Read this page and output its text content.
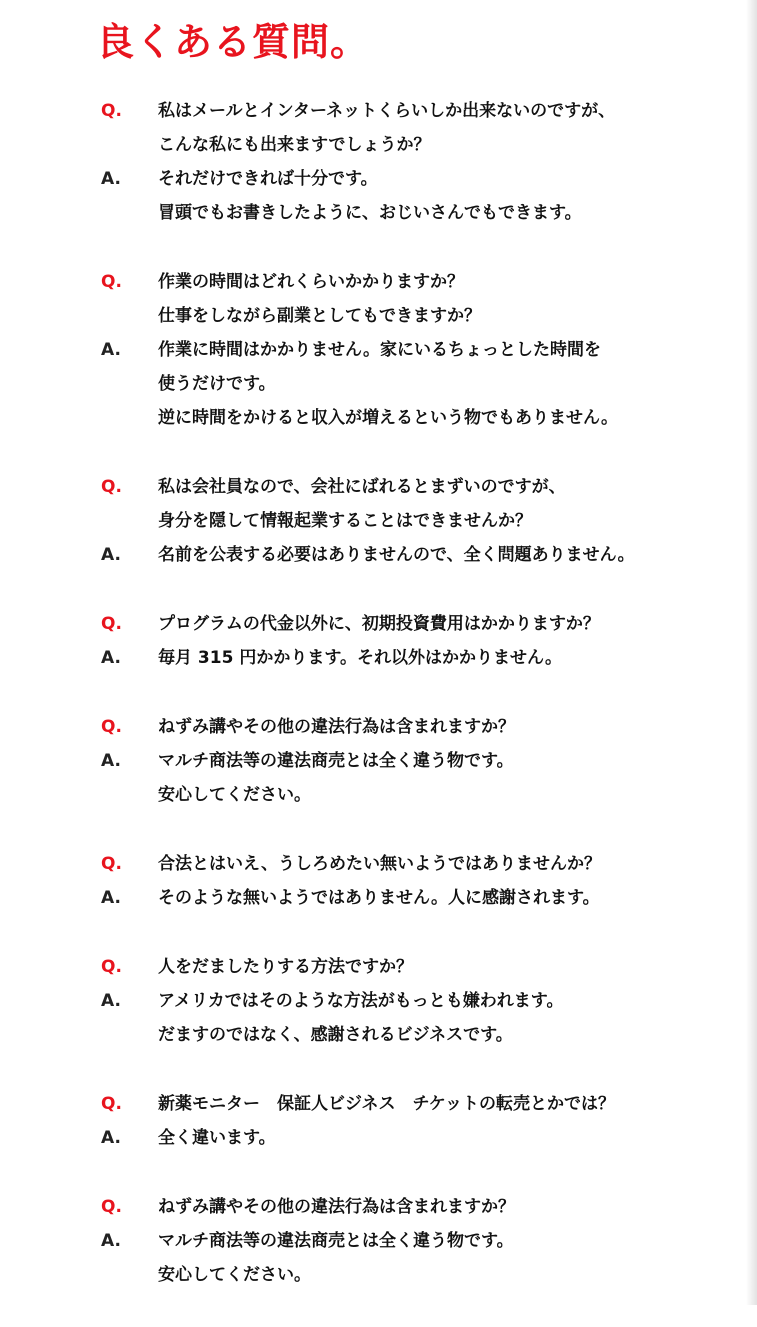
良くある質問。
Q.	私はメールとインターネットくらいしか出来ないのですが、
こんな私にも出来ますでしょうか？
A.	それだけできれば十分です。
冒頭でもお書きしたように、おじいさんでもできます。
Q.	作業の時間はどれくらいかかりますか？
仕事をしながら副業としてもできますか？
A.	作業に時間はかかりません。家にいるちょっとした時間を
使うだけです。
逆に時間をかけると収入が増えるという物でもありません。
Q.	私は会社員なので、会社にばれるとまずいのですが、
身分を隠して情報起業することはできませんか？
A.	名前を公表する必要はありませんので、全く問題ありません。
Q.	プログラムの代金以外に、初期投資費用はかかりますか？
A.	毎月 315 円かかります。それ以外はかかりません。
Q.	ねずみ講やその他の違法行為は含まれますか？
A.	マルチ商法等の違法商売とは全く違う物です。
安心してください。
Q.	合法とはいえ、うしろめたい無いようではありませんか？
A.	そのような無いようではありません。人に感謝されます。
Q.	人をだましたりする方法ですか？
A.	アメリカではそのような方法がもっとも嫌われます。
だますのではなく、感謝されるビジネスです。
Q.	新薬モニター　保証人ビジネス　チケットの転売とかでは？
A.	全く違います。
Q.	ねずみ講やその他の違法行為は含まれますか？
A.	マルチ商法等の違法商売とは全く違う物です。
安心してください。
